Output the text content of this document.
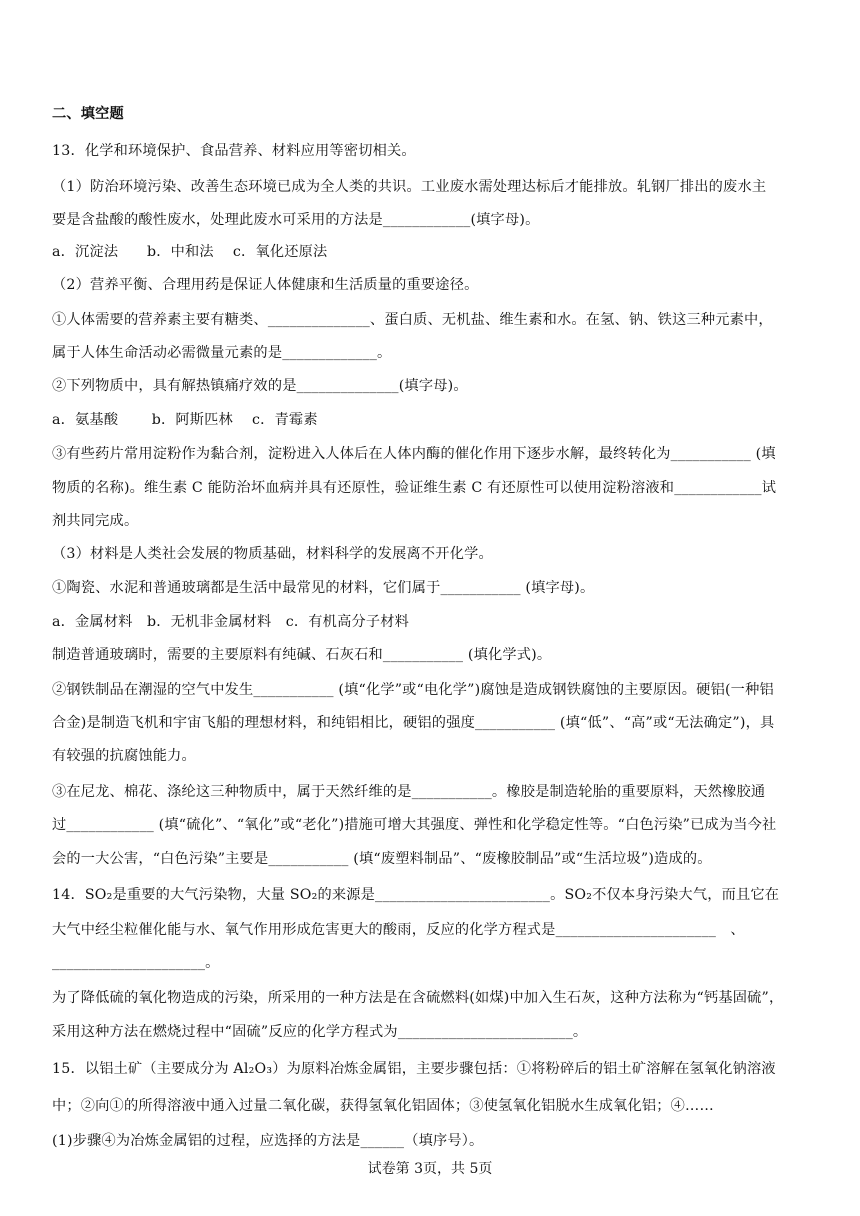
二、填空题
13．化学和环境保护、食品营养、材料应用等密切相关。
（1）防治环境污染、改善生态环境已成为全人类的共识。工业废水需处理达标后才能排放。轧钢厂排出的废水主
要是含盐酸的酸性废水，处理此废水可采用的方法是____________(填字母)。
a．沉淀法　　b．中和法　 c．氧化还原法
（2）营养平衡、合理用药是保证人体健康和生活质量的重要途径。
①人体需要的营养素主要有糖类、______________、蛋白质、无机盐、维生素和水。在氢、钠、铁这三种元素中，
属于人体生命活动必需微量元素的是_____________。
②下列物质中，具有解热镇痛疗效的是______________(填字母)。
a．氨基酸　　 b．阿斯匹林　 c．青霉素
③有些药片常用淀粉作为黏合剂，淀粉进入人体后在人体内酶的催化作用下逐步水解，最终转化为___________ (填
物质的名称)。维生素 C 能防治坏血病并具有还原性，验证维生素 C 有还原性可以使用淀粉溶液和____________试
剂共同完成。
（3）材料是人类社会发展的物质基础，材料科学的发展离不开化学。
①陶瓷、水泥和普通玻璃都是生活中最常见的材料，它们属于___________ (填字母)。
a．金属材料　b．无机非金属材料　c．有机高分子材料
制造普通玻璃时，需要的主要原料有纯碱、石灰石和___________ (填化学式)。
②钢铁制品在潮湿的空气中发生___________ (填“化学”或“电化学”)腐蚀是造成钢铁腐蚀的主要原因。硬铝(一种铝
合金)是制造飞机和宇宙飞船的理想材料，和纯铝相比，硬铝的强度___________ (填“低”、“高”或“无法确定”)，具
有较强的抗腐蚀能力。
③在尼龙、棉花、涤纶这三种物质中，属于天然纤维的是___________。橡胶是制造轮胎的重要原料，天然橡胶通
过____________ (填“硫化”、“氧化”或“老化”)措施可增大其强度、弹性和化学稳定性等。“白色污染”已成为当今社
会的一大公害，“白色污染”主要是___________ (填“废塑料制品”、“废橡胶制品”或“生活垃圾”)造成的。
14．SO₂是重要的大气污染物，大量 SO₂的来源是________________________。SO₂不仅本身污染大气，而且它在
大气中经尘粒催化能与水、氧气作用形成危害更大的酸雨，反应的化学方程式是______________________　、
_____________________。
为了降低硫的氧化物造成的污染，所采用的一种方法是在含硫燃料(如煤)中加入生石灰，这种方法称为“钙基固硫”，
采用这种方法在燃烧过程中“固硫”反应的化学方程式为________________________。
15．以铝土矿（主要成分为 Al₂O₃）为原料冶炼金属铝，主要步骤包括：①将粉碎后的铝土矿溶解在氢氧化钠溶液
中；②向①的所得溶液中通入过量二氧化碳，获得氢氧化铝固体；③使氢氧化铝脱水生成氧化铝；④……
(1)步骤④为冶炼金属铝的过程，应选择的方法是______（填序号）。
试卷第 3页，共 5页
